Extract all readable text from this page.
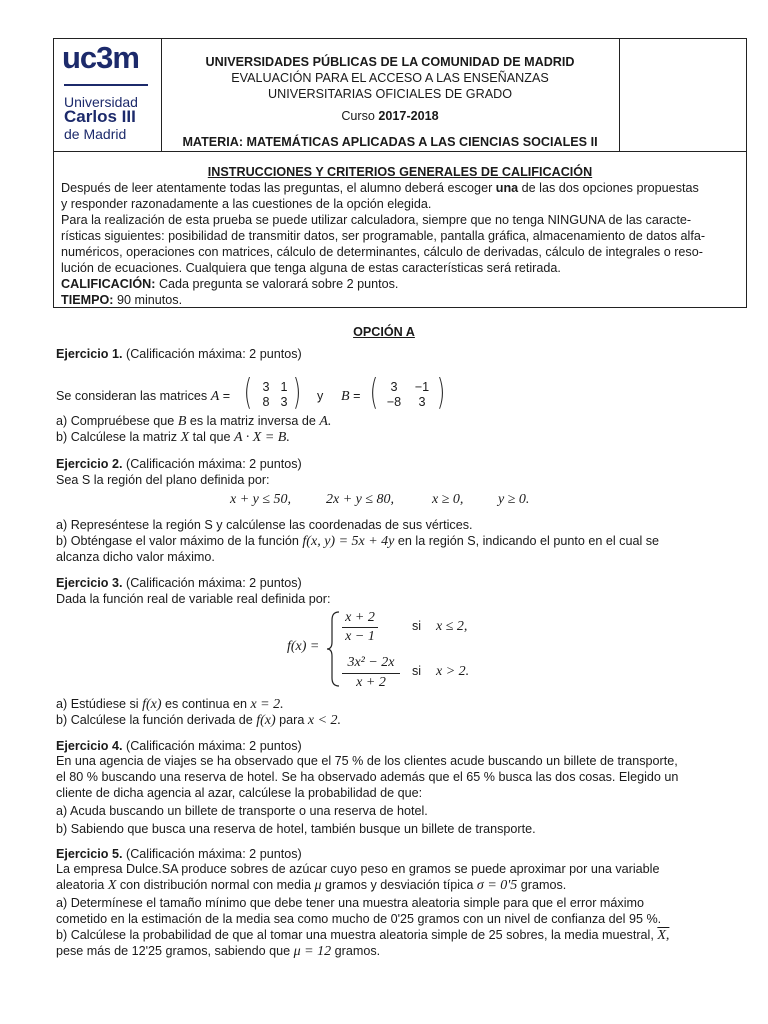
uc3m
Universidad
Carlos III
de Madrid
UNIVERSIDADES PÚBLICAS DE LA COMUNIDAD DE MADRID
EVALUACIÓN PARA EL ACCESO A LAS ENSEÑANZAS
UNIVERSITARIAS OFICIALES DE GRADO
Curso 2017-2018
MATERIA: MATEMÁTICAS APLICADAS A LAS CIENCIAS SOCIALES II
INSTRUCCIONES Y CRITERIOS GENERALES DE CALIFICACIÓN
Después de leer atentamente todas las preguntas, el alumno deberá escoger una de las dos opciones propuestas
y responder razonadamente a las cuestiones de la opción elegida.
Para la realización de esta prueba se puede utilizar calculadora, siempre que no tenga NINGUNA de las caracte-
rísticas siguientes: posibilidad de transmitir datos, ser programable, pantalla gráfica, almacenamiento de datos alfa-
numéricos, operaciones con matrices, cálculo de determinantes, cálculo de derivadas, cálculo de integrales o reso-
lución de ecuaciones. Cualquiera que tenga alguna de estas características será retirada.
CALIFICACIÓN: Cada pregunta se valorará sobre 2 puntos.
TIEMPO: 90 minutos.
OPCIÓN A
Ejercicio 1. (Calificación máxima: 2 puntos)
Se consideran las matrices A = ( 3 1
8 3 ) y B = ( 3 −1
−8 3 )
a) Compruébese que B es la matriz inversa de A.
b) Calcúlese la matriz X tal que A · X = B.
Ejercicio 2. (Calificación máxima: 2 puntos)
Sea S la región del plano definida por:
x + y ≤ 50, 2x + y ≤ 80,	x ≥ 0, y ≥ 0.
a) Represéntese la región S y calcúlense las coordenadas de sus vértices.
b) Obténgase el valor máximo de la función f(x, y) = 5x + 4y en la región S, indicando el punto en el cual se
alcanza dicho valor máximo.
Ejercicio 3. (Calificación máxima: 2 puntos)
Dada la función real de variable real definida por:
f(x) =
x + 2
x − 1
si x ≤ 2,
3x² − 2x
x + 2
si x > 2.
a) Estúdiese si f(x) es continua en x = 2.
b) Calcúlese la función derivada de f(x) para x < 2.
Ejercicio 4. (Calificación máxima: 2 puntos)
En una agencia de viajes se ha observado que el 75 % de los clientes acude buscando un billete de transporte,
el 80 % buscando una reserva de hotel. Se ha observado además que el 65 % busca las dos cosas. Elegido un
cliente de dicha agencia al azar, calcúlese la probabilidad de que:
a) Acuda buscando un billete de transporte o una reserva de hotel.
b) Sabiendo que busca una reserva de hotel, también busque un billete de transporte.
Ejercicio 5. (Calificación máxima: 2 puntos)
La empresa Dulce.SA produce sobres de azúcar cuyo peso en gramos se puede aproximar por una variable
aleatoria X con distribución normal con media μ gramos y desviación típica σ = 0'5 gramos.
a) Determínese el tamaño mínimo que debe tener una muestra aleatoria simple para que el error máximo
cometido en la estimación de la media sea como mucho de 0'25 gramos con un nivel de confianza del 95 %.
b) Calcúlese la probabilidad de que al tomar una muestra aleatoria simple de 25 sobres, la media muestral, X,
pese más de 12'25 gramos, sabiendo que μ = 12 gramos.
